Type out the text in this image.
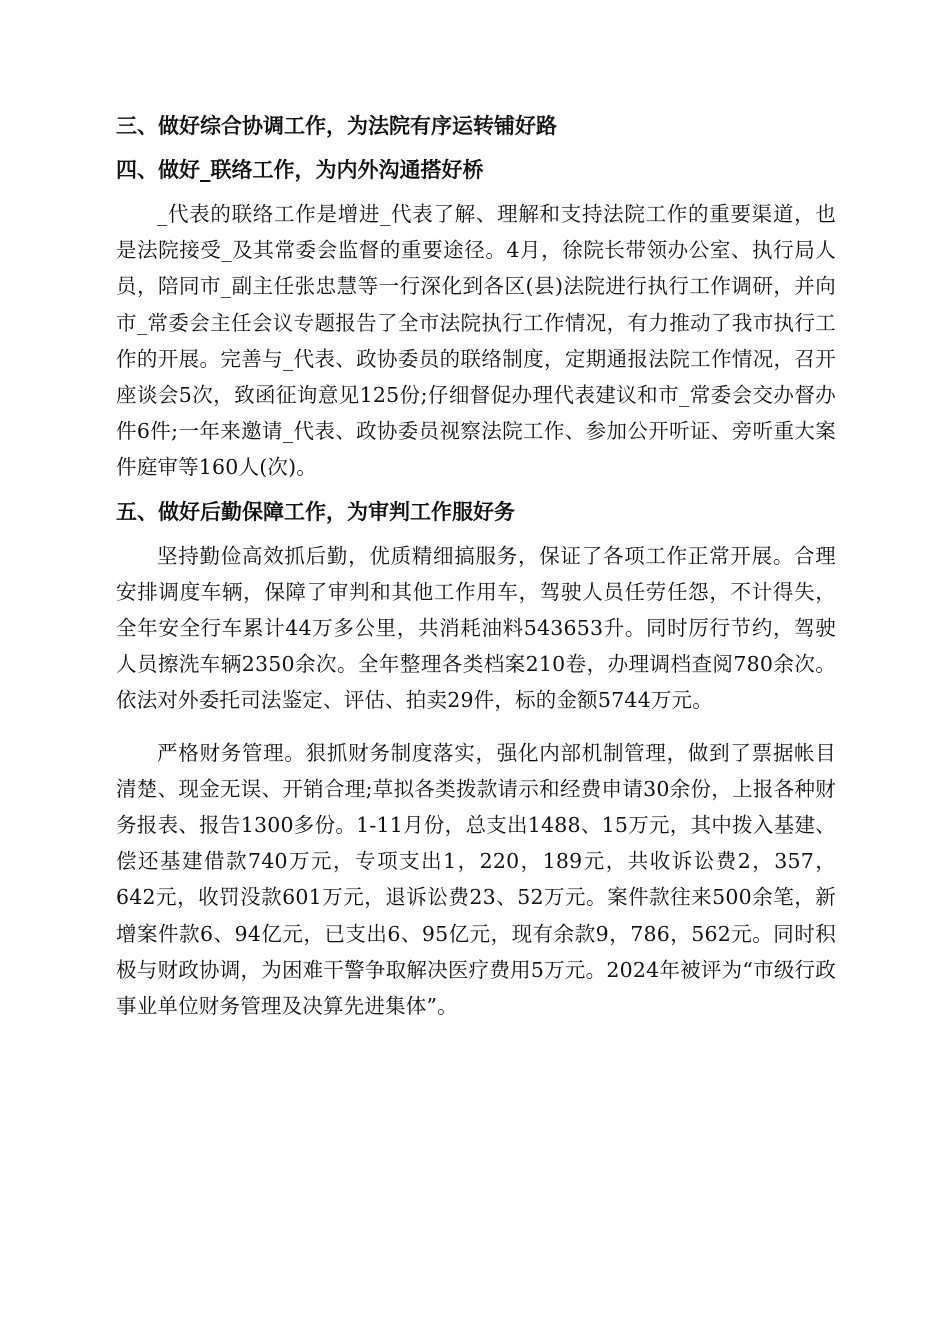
三、做好综合协调工作，为法院有序运转铺好路
四、做好_联络工作，为内外沟通搭好桥

_代表的联络工作是增进_代表了解、理解和支持法院工作的重要渠道，也是法院接受_及其常委会监督的重要途径。4月，徐院长带领办公室、执行局人员，陪同市_副主任张忠慧等一行深化到各区(县)法院进行执行工作调研，并向市_常委会主任会议专题报告了全市法院执行工作情况，有力推动了我市执行工作的开展。完善与_代表、政协委员的联络制度，定期通报法院工作情况，召开座谈会5次，致函征询意见125份;仔细督促办理代表建议和市_常委会交办督办件6件;一年来邀请_代表、政协委员视察法院工作、参加公开听证、旁听重大案件庭审等160人(次)。

五、做好后勤保障工作，为审判工作服好务

坚持勤俭高效抓后勤，优质精细搞服务，保证了各项工作正常开展。合理安排调度车辆，保障了审判和其他工作用车，驾驶人员任劳任怨，不计得失，全年安全行车累计44万多公里，共消耗油料543653升。同时厉行节约，驾驶人员擦洗车辆2350余次。全年整理各类档案210卷，办理调档查阅780余次。依法对外委托司法鉴定、评估、拍卖29件，标的金额5744万元。

严格财务管理。狠抓财务制度落实，强化内部机制管理，做到了票据帐目清楚、现金无误、开销合理;草拟各类拨款请示和经费申请30余份，上报各种财务报表、报告1300多份。1-11月份，总支出1488、15万元，其中拨入基建、偿还基建借款740万元，专项支出1，220，189元，共收诉讼费2，357，642元，收罚没款601万元，退诉讼费23、52万元。案件款往来500余笔，新增案件款6、94亿元，已支出6、95亿元，现有余款9，786，562元。同时积极与财政协调，为困难干警争取解决医疗费用5万元。2024年被评为“市级行政事业单位财务管理及决算先进集体”。
